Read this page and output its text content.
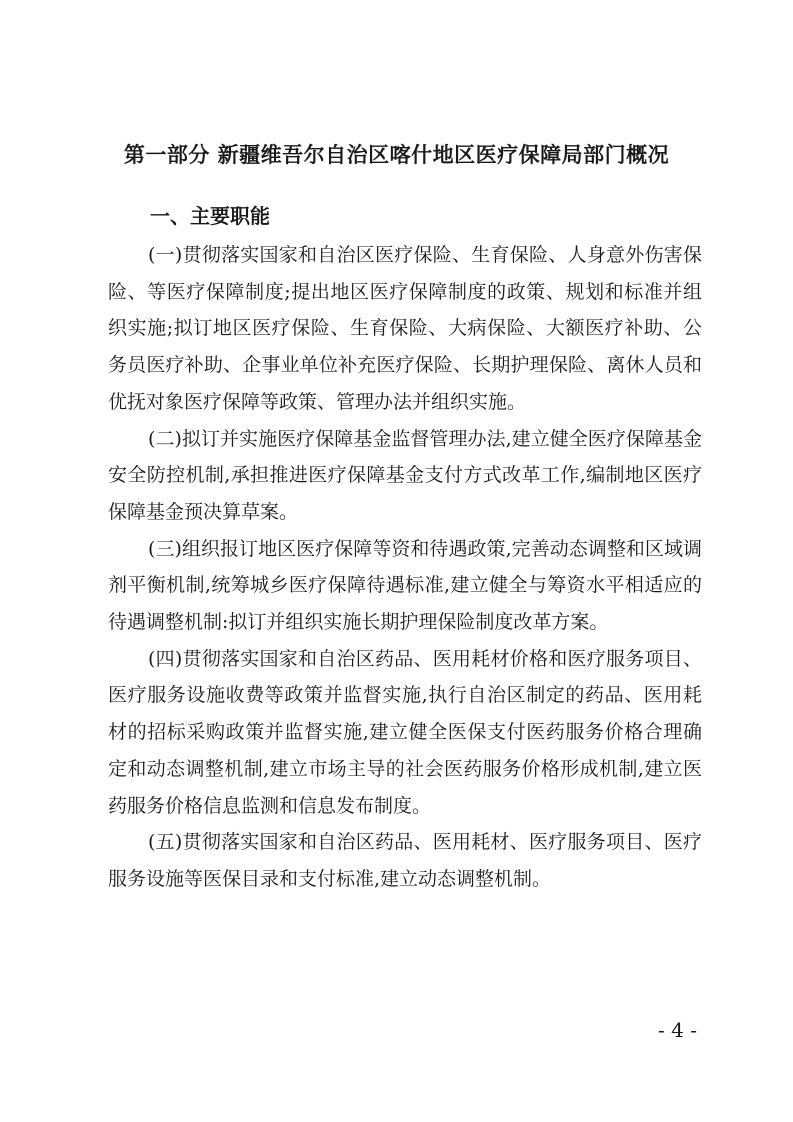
第一部分 新疆维吾尔自治区喀什地区医疗保障局部门概况
一、主要职能

(一)贯彻落实国家和自治区医疗保险、生育保险、人身意外伤害保险、等医疗保障制度;提出地区医疗保障制度的政策、规划和标准并组织实施;拟订地区医疗保险、生育保险、大病保险、大额医疗补助、公务员医疗补助、企事业单位补充医疗保险、长期护理保险、离休人员和优抚对象医疗保障等政策、管理办法并组织实施。

(二)拟订并实施医疗保障基金监督管理办法,建立健全医疗保障基金安全防控机制,承担推进医疗保障基金支付方式改革工作,编制地区医疗保障基金预决算草案。

(三)组织报订地区医疗保障等资和待遇政策,完善动态调整和区域调剂平衡机制,统筹城乡医疗保障待遇标准,建立健全与筹资水平相适应的待遇调整机制:拟订并组织实施长期护理保险制度改革方案。

(四)贯彻落实国家和自治区药品、医用耗材价格和医疗服务项目、医疗服务设施收费等政策并监督实施,执行自治区制定的药品、医用耗材的招标采购政策并监督实施,建立健全医保支付医药服务价格合理确定和动态调整机制,建立市场主导的社会医药服务价格形成机制,建立医药服务价格信息监测和信息发布制度。

(五)贯彻落实国家和自治区药品、医用耗材、医疗服务项目、医疗服务设施等医保目录和支付标准,建立动态调整机制。

- 4 -
